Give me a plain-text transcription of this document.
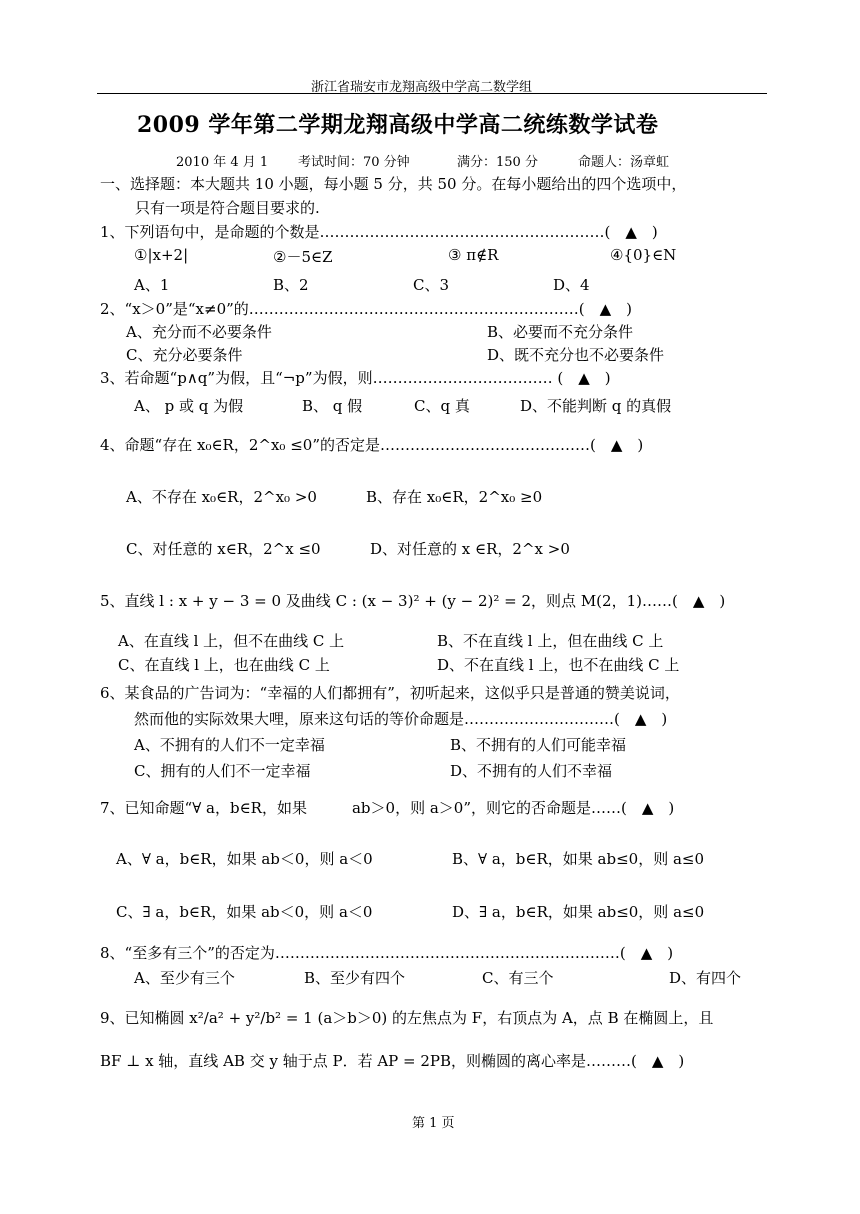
浙江省瑞安市龙翔高级中学高二数学组
2009 学年第二学期龙翔高级中学高二统练数学试卷
2010 年 4 月 1 考试时间：70 分钟	满分：150 分	命题人：汤章虹
一、选择题：本大题共 10 小题，每小题 5 分，共 50 分。在每小题给出的四个选项中，
只有一项是符合题目要求的.
1、下列语句中，是命题的个数是…………………………………………………(　▲　)
①|x+2|	②－5∈Z	③ π∉R	④{0}∈N
A、1	B、2	C、3	D、4
2、“x＞0”是“x≠0”的…………………………………………………………(　▲　)
A、充分而不必要条件	B、必要而不充分条件
C、充分必要条件	D、既不充分也不必要条件
3、若命题“p∧q”为假，且“¬p”为假，则……………………………… (　▲　)
A、 p 或 q 为假	B、 q 假	C、q 真	D、不能判断 q 的真假
4、命题“存在 x₀∈R，2^x₀ ≤0”的否定是……………………………………(　▲　)
A、不存在 x₀∈R，2^x₀ >0	B、存在 x₀∈R，2^x₀ ≥0
C、对任意的 x∈R，2^x ≤0	D、对任意的 x ∈R，2^x >0
5、直线 l : x + y − 3 = 0 及曲线 C : (x − 3)² + (y − 2)² = 2，则点 M(2，1)……(　▲　)
A、在直线 l 上，但不在曲线 C 上	B、不在直线 l 上，但在曲线 C 上
C、在直线 l 上，也在曲线 C 上	D、不在直线 l 上，也不在曲线 C 上
6、某食品的广告词为：“幸福的人们都拥有”，初听起来，这似乎只是普通的赞美说词，
然而他的实际效果大哩，原来这句话的等价命题是…………………………(　▲　)
A、不拥有的人们不一定幸福	B、不拥有的人们可能幸福
C、拥有的人们不一定幸福	D、不拥有的人们不幸福
7、已知命题“∀ a，b∈R，如果　　　ab＞0，则 a＞0”，则它的否命题是……(　▲　)
A、∀ a，b∈R，如果 ab＜0，则 a＜0	B、∀ a，b∈R，如果 ab≤0，则 a≤0
C、∃ a，b∈R，如果 ab＜0，则 a＜0	D、∃ a，b∈R，如果 ab≤0，则 a≤0
8、“至多有三个”的否定为……………………………………………………………(　▲　)
A、至少有三个	B、至少有四个	C、有三个	D、有四个
9、已知椭圆 x²/a² + y²/b² = 1 (a＞b＞0) 的左焦点为 F，右顶点为 A，点 B 在椭圆上，且
BF ⊥ x 轴，直线 AB 交 y 轴于点 P．若 AP = 2PB，则椭圆的离心率是………(　▲　)
第 1 页
